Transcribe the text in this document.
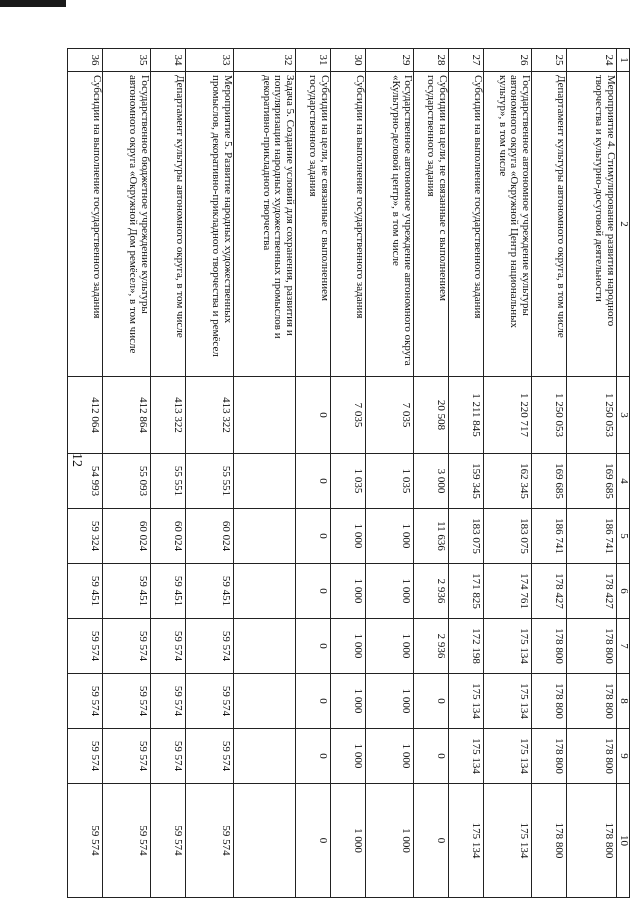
12
1	2	3	4	5	6	7	8	9	10
24	Мероприятие 4. Стимулирование развития народного творчества и культурно-досуговой деятельности	1 250 053	169 685	186 741	178 427	178 800	178 800	178 800	178 800
25	Департамент культуры автономного округа, в том числе	1 250 053	169 685	186 741	178 427	178 800	178 800	178 800	178 800
26	Государственное автономное учреждение культуры автономного округа «Окружной Центр национальных культур», в том числе	1 220 717	162 345	183 075	174 761	175 134	175 134	175 134	175 134
27	Субсидии на выполнение государственного задания	1 211 845	159 345	183 075	171 825	172 198	175 134	175 134	175 134
28	Субсидии на цели, не связанные с выполнением государственного задания	20 508	3 000	11 636	2 936	2 936	0	0	0
29	Государственное автономное учреждение автономного округа «Культурно-деловой центр», в том числе	7 035	1 035	1 000	1 000	1 000	1 000	1 000	1 000
30	Субсидии на выполнение государственного задания	7 035	1 035	1 000	1 000	1 000	1 000	1 000	1 000
31	Субсидии на цели, не связанные с выполнением государственного задания	0	0	0	0	0	0	0	0
32	Задача 5. Создание условий для сохранения, развития и популяризации народных художественных промыслов и декоративно-прикладного творчества								
33	Мероприятие 5. Развитие народных художественных промыслов, декоративно-прикладного творчества и ремёсел	413 322	55 551	60 024	59 451	59 574	59 574	59 574	59 574
34	Департамент культуры автономного округа, в том числе	413 322	55 551	60 024	59 451	59 574	59 574	59 574	59 574
35	Государственное бюджетное учреждение культуры автономного округа «Окружной Дом ремёсел», в том числе	412 864	55 093	60 024	59 451	59 574	59 574	59 574	59 574
36	Субсидии на выполнение государственного задания	412 064	54 993	59 324	59 451	59 574	59 574	59 574	59 574
